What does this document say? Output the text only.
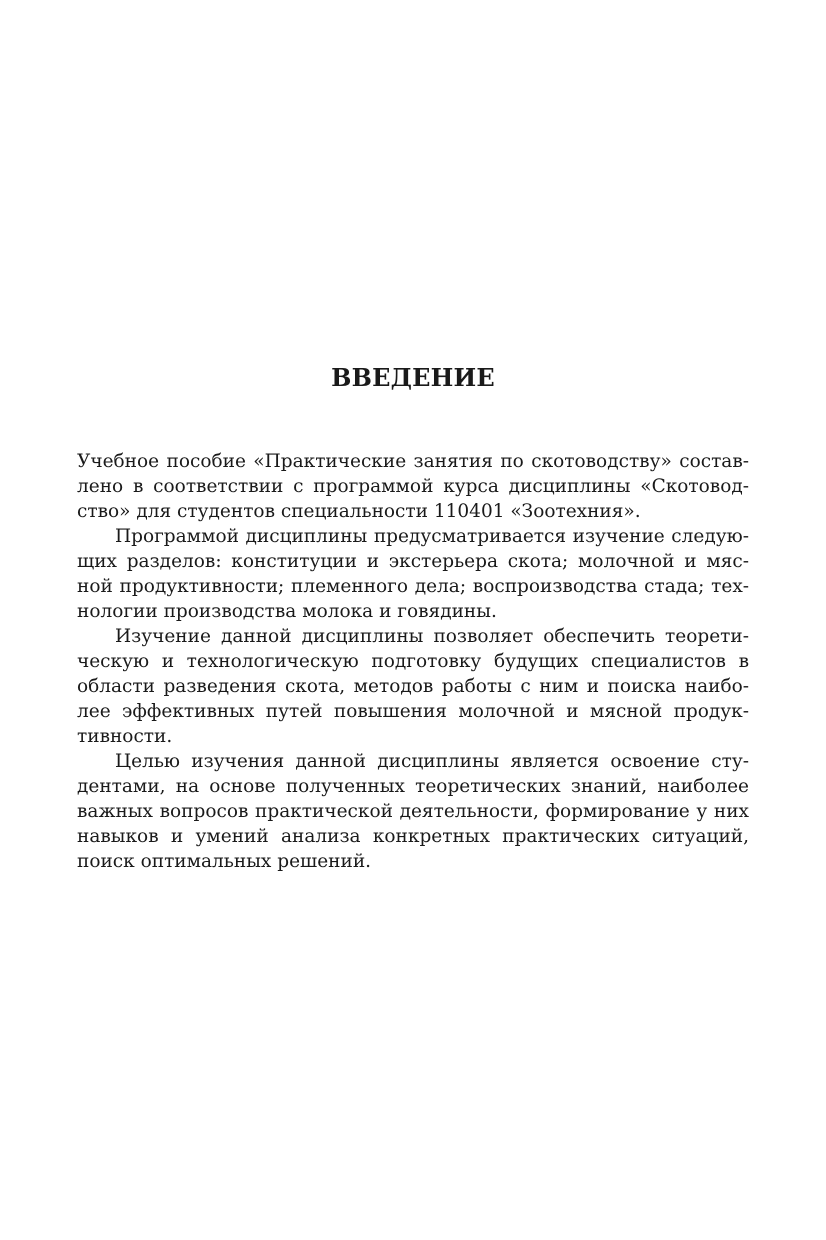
ВВЕДЕНИЕ

Учебное пособие «Практические занятия по скотоводству» состав-
лено в соответствии с программой курса дисциплины «Скотовод-
ство» для студентов специальности 110401 «Зоотехния».

Программой дисциплины предусматривается изучение следую-
щих разделов: конституции и экстерьера скота; молочной и мяс-
ной продуктивности; племенного дела; воспроизводства стада; тех-
нологии производства молока и говядины.

Изучение данной дисциплины позволяет обеспечить теорети-
ческую и технологическую подготовку будущих специалистов в
области разведения скота, методов работы с ним и поиска наибо-
лее эффективных путей повышения молочной и мясной продук-
тивности.

Целью изучения данной дисциплины является освоение сту-
дентами, на основе полученных теоретических знаний, наиболее
важных вопросов практической деятельности, формирование у них
навыков и умений анализа конкретных практических ситуаций,
поиск оптимальных решений.
